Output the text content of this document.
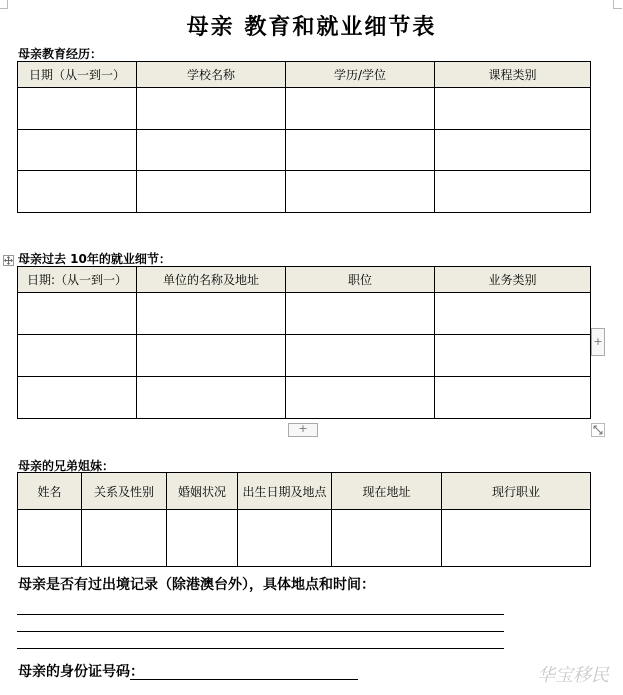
母亲 教育和就业细节表
母亲教育经历：
日期（从一到一）	学校名称	学历/学位	课程类别

母亲过去 10年的就业细节：
日期:（从一到一）	单位的名称及地址	职位	业务类别

+
+
母亲的兄弟姐妹：
姓名	关系及性别	婚姻状况	出生日期及地点	现在地址	现行职业

母亲是否有过出境记录（除港澳台外），具体地点和时间：
母亲的身份证号码：	华宝移民
